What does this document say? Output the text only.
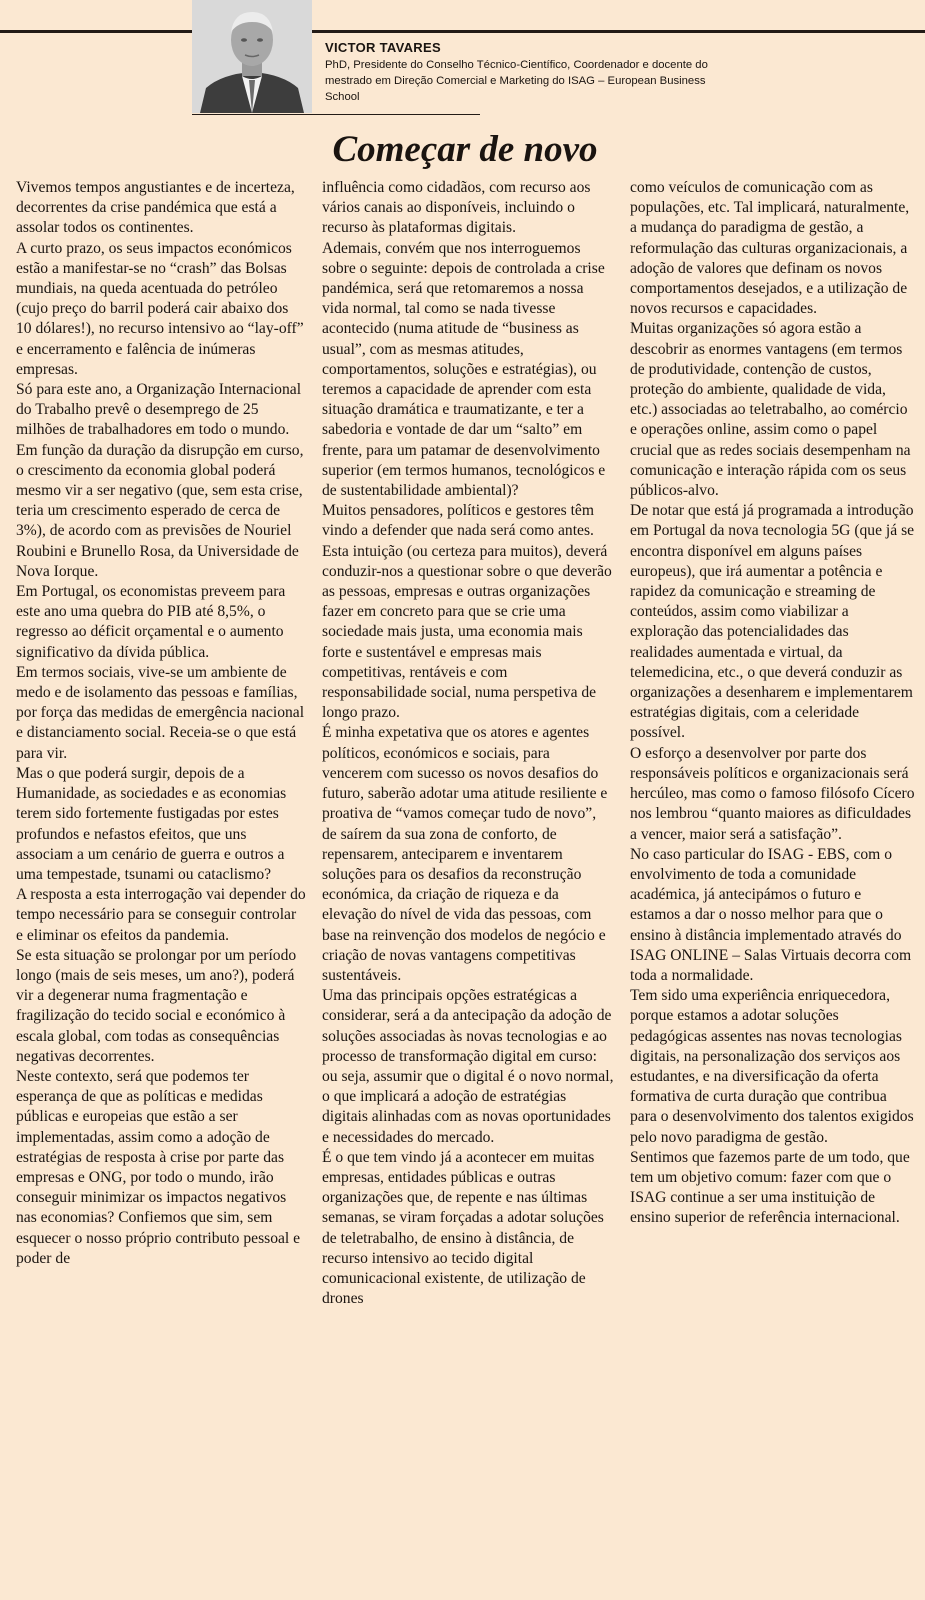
VICTOR TAVARES
PhD, Presidente do Conselho Técnico-Científico, Coordenador e docente do mestrado em Direção Comercial e Marketing do ISAG – European Business School
Começar de novo

Vivemos tempos angustiantes e de incerteza, decorrentes da crise pandémica que está a assolar todos os continentes.

A curto prazo, os seus impactos económicos estão a manifestar-se no “crash” das Bolsas mundiais, na queda acentuada do petróleo (cujo preço do barril poderá cair abaixo dos 10 dólares!), no recurso intensivo ao “lay-off” e encerramento e falência de inúmeras empresas.

Só para este ano, a Organização Internacional do Trabalho prevê o desemprego de 25 milhões de trabalhadores em todo o mundo.

Em função da duração da disrupção em curso, o crescimento da economia global poderá mesmo vir a ser negativo (que, sem esta crise, teria um crescimento esperado de cerca de 3%), de acordo com as previsões de Nouriel Roubini e Brunello Rosa, da Universidade de Nova Iorque.

Em Portugal, os economistas preveem para este ano uma quebra do PIB até 8,5%, o regresso ao déficit orçamental e o aumento significativo da dívida pública.

Em termos sociais, vive-se um ambiente de medo e de isolamento das pessoas e famílias, por força das medidas de emergência nacional e distanciamento social. Receia-se o que está para vir.

Mas o que poderá surgir, depois de a Humanidade, as sociedades e as economias terem sido fortemente fustigadas por estes profundos e nefastos efeitos, que uns associam a um cenário de guerra e outros a uma tempestade, tsunami ou cataclismo?

A resposta a esta interrogação vai depender do tempo necessário para se conseguir controlar e eliminar os efeitos da pandemia.

Se esta situação se prolongar por um período longo (mais de seis meses, um ano?), poderá vir a degenerar numa fragmentação e fragilização do tecido social e económico à escala global, com todas as consequências negativas decorrentes.

Neste contexto, será que podemos ter esperança de que as políticas e medidas públicas e europeias que estão a ser implementadas, assim como a adoção de estratégias de resposta à crise por parte das empresas e ONG, por todo o mundo, irão conseguir minimizar os impactos negativos nas economias? Confiemos que sim, sem esquecer o nosso próprio contributo pessoal e poder de

influência como cidadãos, com recurso aos vários canais ao disponíveis, incluindo o recurso às plataformas digitais.

Ademais, convém que nos interroguemos sobre o seguinte: depois de controlada a crise pandémica, será que retomaremos a nossa vida normal, tal como se nada tivesse acontecido (numa atitude de “business as usual”, com as mesmas atitudes, comportamentos, soluções e estratégias), ou teremos a capacidade de aprender com esta situação dramática e traumatizante, e ter a sabedoria e vontade de dar um “salto” em frente, para um patamar de desenvolvimento superior (em termos humanos, tecnológicos e de sustentabilidade ambiental)?

Muitos pensadores, políticos e gestores têm vindo a defender que nada será como antes. Esta intuição (ou certeza para muitos), deverá conduzir-nos a questionar sobre o que deverão as pessoas, empresas e outras organizações fazer em concreto para que se crie uma sociedade mais justa, uma economia mais forte e sustentável e empresas mais competitivas, rentáveis e com responsabilidade social, numa perspetiva de longo prazo.

É minha expetativa que os atores e agentes políticos, económicos e sociais, para vencerem com sucesso os novos desafios do futuro, saberão adotar uma atitude resiliente e proativa de “vamos começar tudo de novo”, de saírem da sua zona de conforto, de repensarem, anteciparem e inventarem soluções para os desafios da reconstrução económica, da criação de riqueza e da elevação do nível de vida das pessoas, com base na reinvenção dos modelos de negócio e criação de novas vantagens competitivas sustentáveis.

Uma das principais opções estratégicas a considerar, será a da antecipação da adoção de soluções associadas às novas tecnologias e ao processo de transformação digital em curso: ou seja, assumir que o digital é o novo normal, o que implicará a adoção de estratégias digitais alinhadas com as novas oportunidades e necessidades do mercado.

É o que tem vindo já a acontecer em muitas empresas, entidades públicas e outras organizações que, de repente e nas últimas semanas, se viram forçadas a adotar soluções de teletrabalho, de ensino à distância, de recurso intensivo ao tecido digital comunicacional existente, de utilização de drones

como veículos de comunicação com as populações, etc. Tal implicará, naturalmente, a mudança do paradigma de gestão, a reformulação das culturas organizacionais, a adoção de valores que definam os novos comportamentos desejados, e a utilização de novos recursos e capacidades.

Muitas organizações só agora estão a descobrir as enormes vantagens (em termos de produtividade, contenção de custos, proteção do ambiente, qualidade de vida, etc.) associadas ao teletrabalho, ao comércio e operações online, assim como o papel crucial que as redes sociais desempenham na comunicação e interação rápida com os seus públicos-alvo.

De notar que está já programada a introdução em Portugal da nova tecnologia 5G (que já se encontra disponível em alguns países europeus), que irá aumentar a potência e rapidez da comunicação e streaming de conteúdos, assim como viabilizar a exploração das potencialidades das realidades aumentada e virtual, da telemedicina, etc., o que deverá conduzir as organizações a desenharem e implementarem estratégias digitais, com a celeridade possível.

O esforço a desenvolver por parte dos responsáveis políticos e organizacionais será hercúleo, mas como o famoso filósofo Cícero nos lembrou “quanto maiores as dificuldades a vencer, maior será a satisfação”.

No caso particular do ISAG - EBS, com o envolvimento de toda a comunidade académica, já antecipámos o futuro e estamos a dar o nosso melhor para que o ensino à distância implementado através do ISAG ONLINE – Salas Virtuais decorra com toda a normalidade.

Tem sido uma experiência enriquecedora, porque estamos a adotar soluções pedagógicas assentes nas novas tecnologias digitais, na personalização dos serviços aos estudantes, e na diversificação da oferta formativa de curta duração que contribua para o desenvolvimento dos talentos exigidos pelo novo paradigma de gestão.

Sentimos que fazemos parte de um todo, que tem um objetivo comum: fazer com que o ISAG continue a ser uma instituição de ensino superior de referência internacional.
